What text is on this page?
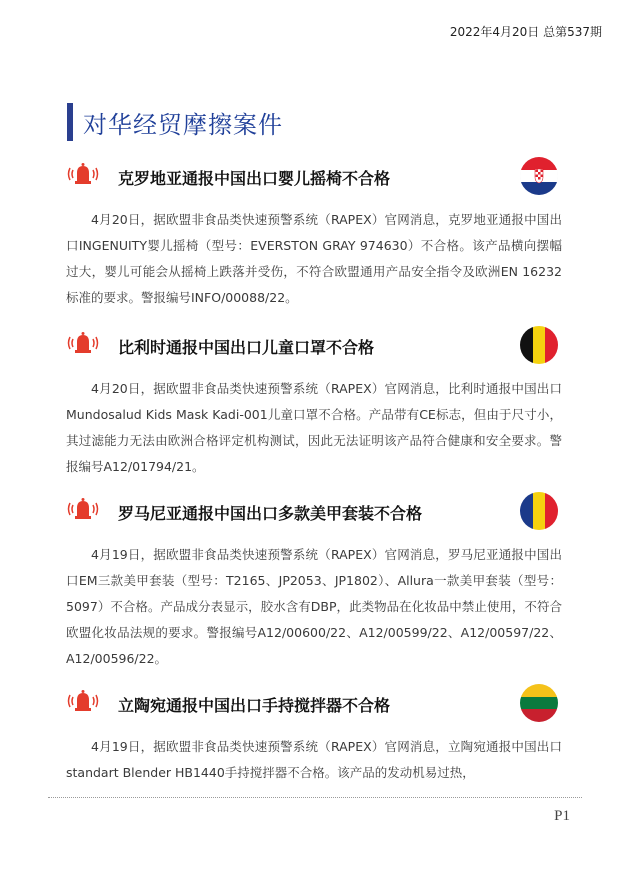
2022年4月20日 总第537期
对华经贸摩擦案件
克罗地亚通报中国出口婴儿摇椅不合格

4月20日，据欧盟非食品类快速预警系统（RAPEX）官网消息，克罗地亚通报中国出口INGENUITY婴儿摇椅（型号：EVERSTON GRAY 974630）不合格。该产品横向摆幅过大，婴儿可能会从摇椅上跌落并受伤，不符合欧盟通用产品安全指令及欧洲EN 16232标准的要求。警报编号INFO/00088/22。

比利时通报中国出口儿童口罩不合格

4月20日，据欧盟非食品类快速预警系统（RAPEX）官网消息，比利时通报中国出口Mundosalud Kids Mask Kadi-001儿童口罩不合格。产品带有CE标志，但由于尺寸小，其过滤能力无法由欧洲合格评定机构测试，因此无法证明该产品符合健康和安全要求。警报编号A12/01794/21。

罗马尼亚通报中国出口多款美甲套装不合格

4月19日，据欧盟非食品类快速预警系统（RAPEX）官网消息，罗马尼亚通报中国出口EM三款美甲套装（型号：T2165、JP2053、JP1802）、Allura一款美甲套装（型号：5097）不合格。产品成分表显示，胶水含有DBP，此类物品在化妆品中禁止使用，不符合欧盟化妆品法规的要求。警报编号A12/00600/22、A12/00599/22、A12/00597/22、A12/00596/22。

立陶宛通报中国出口手持搅拌器不合格

4月19日，据欧盟非食品类快速预警系统（RAPEX）官网消息，立陶宛通报中国出口standart Blender HB1440手持搅拌器不合格。该产品的发动机易过热，

P1
